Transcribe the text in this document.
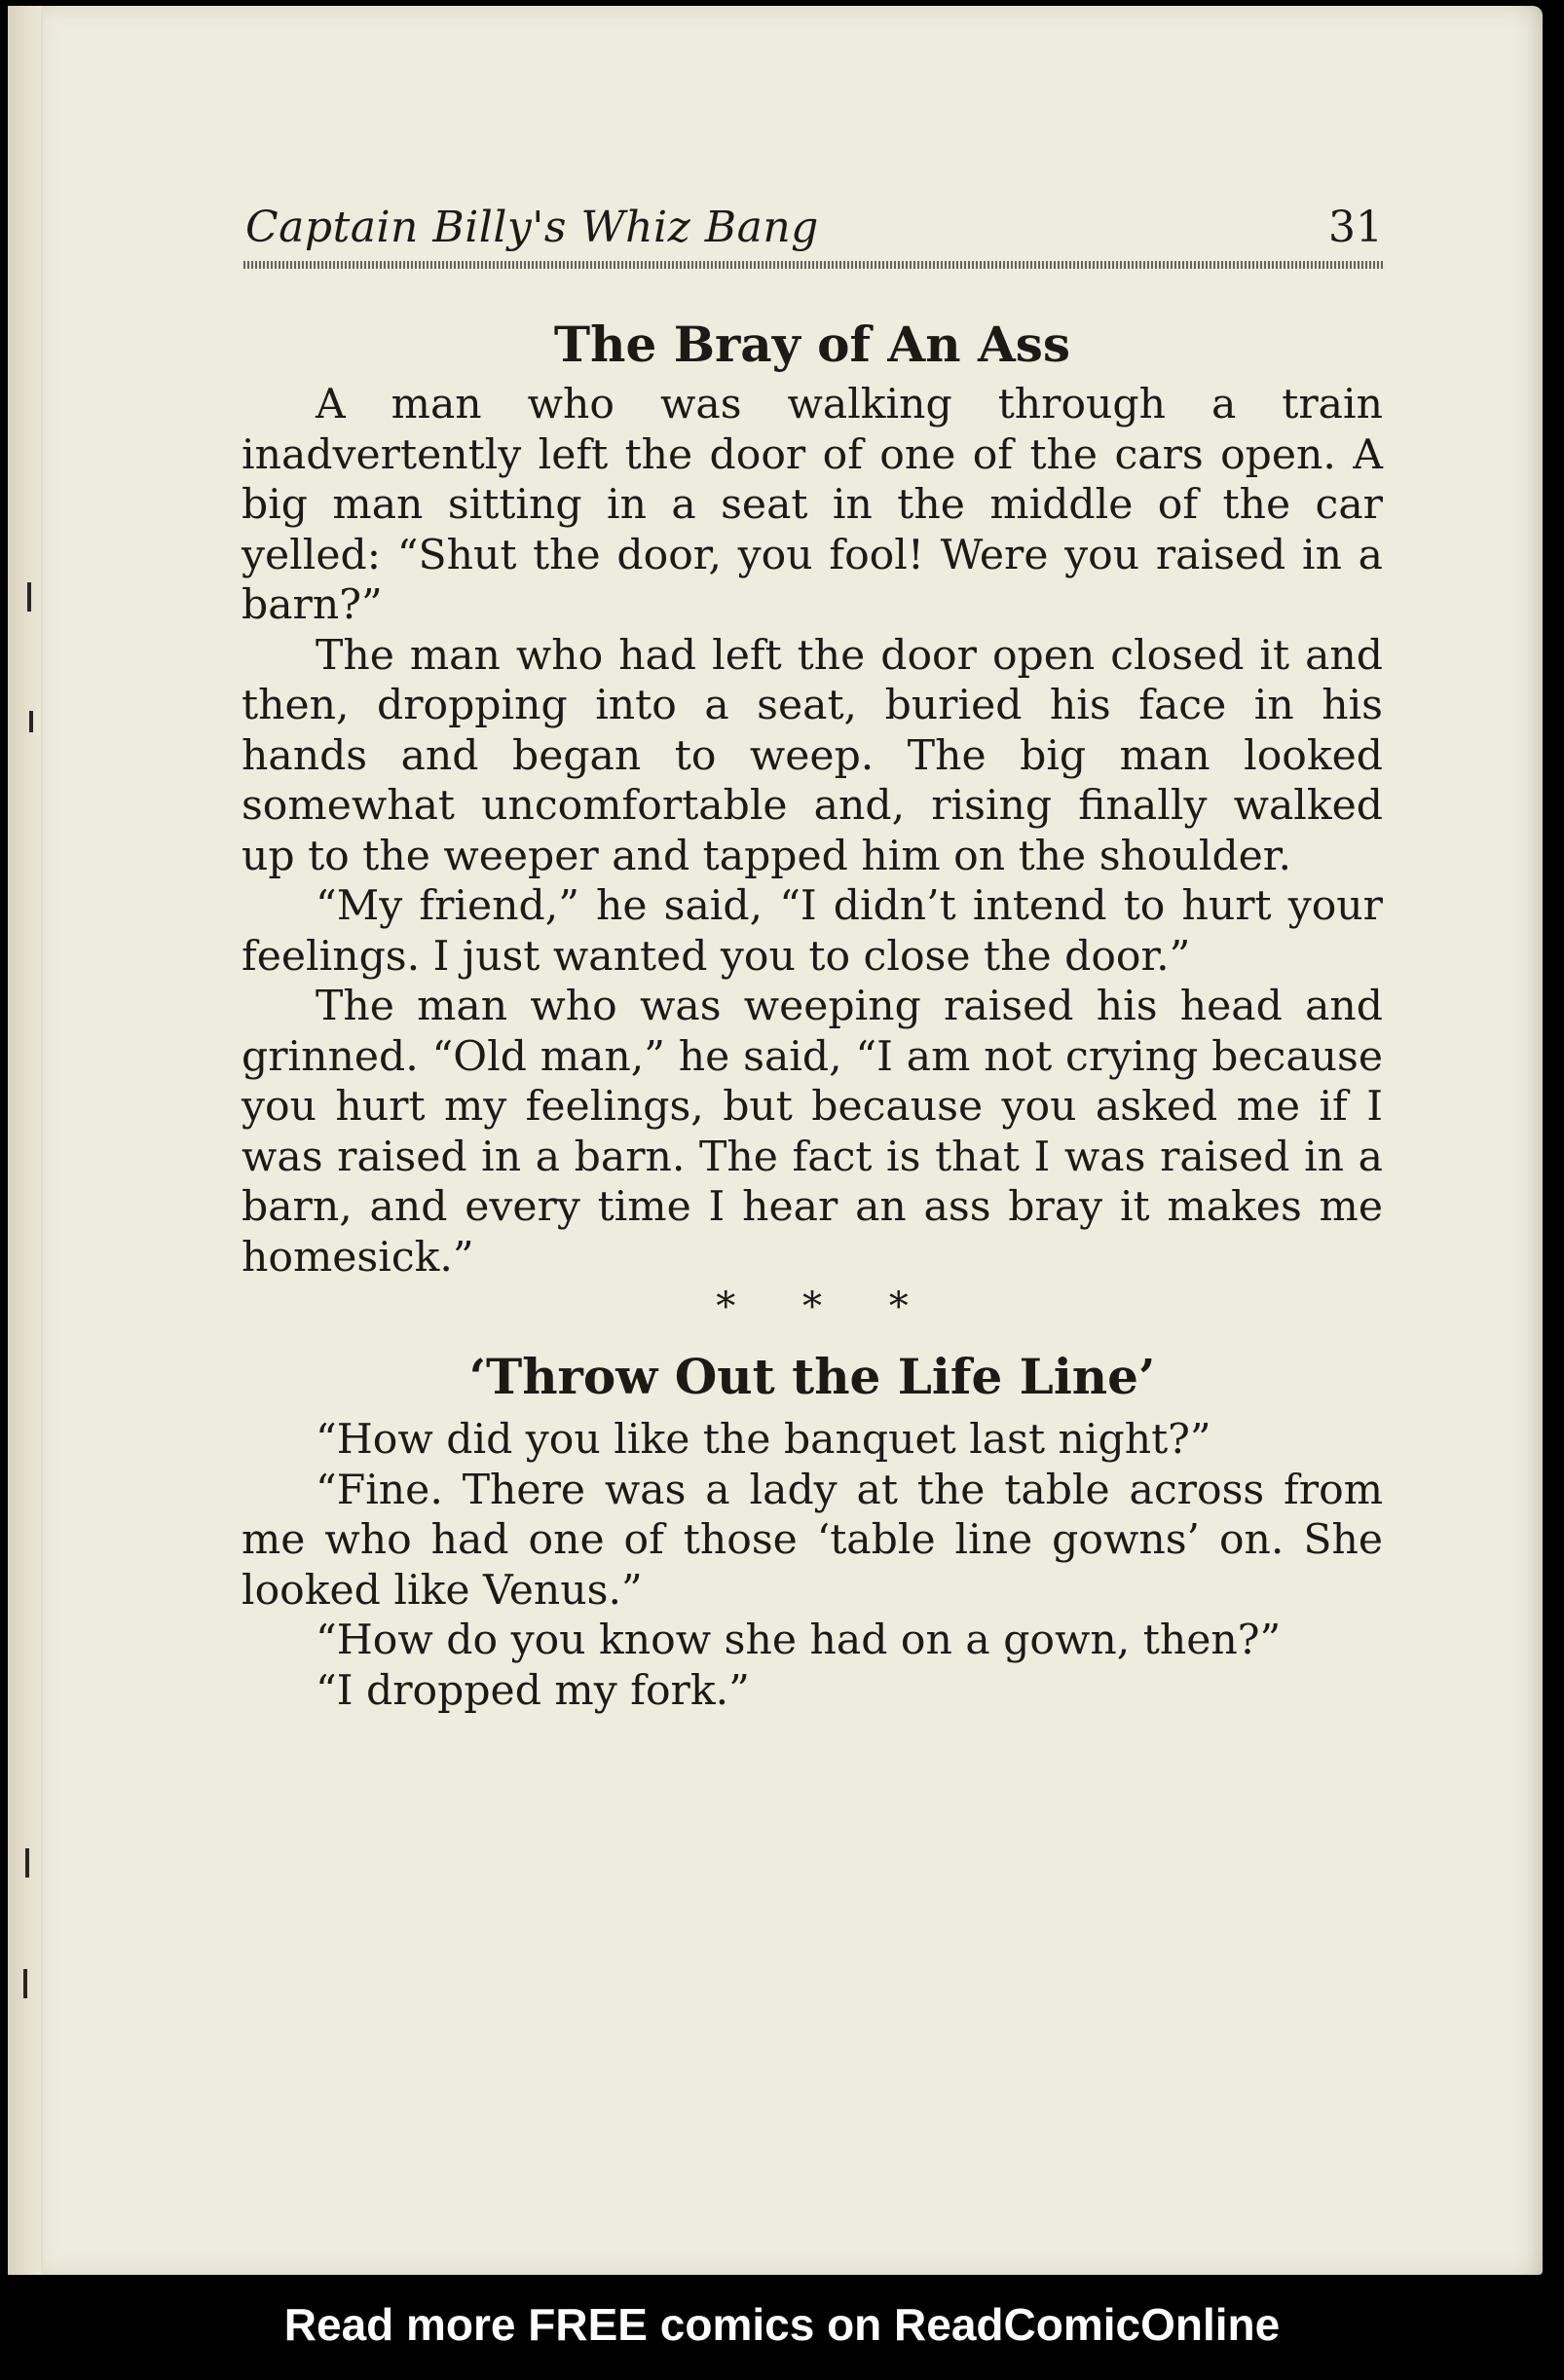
Captain Billy's Whiz Bang	31
The Bray of An Ass

A man who was walking through a train inadvertently left the door of one of the cars open. A big man sitting in a seat in the middle of the car yelled: “Shut the door, you fool! Were you raised in a barn?”

The man who had left the door open closed it and then, dropping into a seat, buried his face in his hands and began to weep. The big man looked somewhat uncomfortable and, rising finally walked up to the weeper and tapped him on the shoulder.

“My friend,” he said, “I didn’t intend to hurt your feelings. I just wanted you to close the door.”

The man who was weeping raised his head and grinned. “Old man,” he said, “I am not crying because you hurt my feelings, but because you asked me if I was raised in a barn. The fact is that I was raised in a barn, and every time I hear an ass bray it makes me homesick.”

* * *

‘Throw Out the Life Line’

“How did you like the banquet last night?”

“Fine. There was a lady at the table across from me who had one of those ‘table line gowns’ on. She looked like Venus.”

“How do you know she had on a gown, then?”

“I dropped my fork.”

Read more FREE comics on ReadComicOnline
